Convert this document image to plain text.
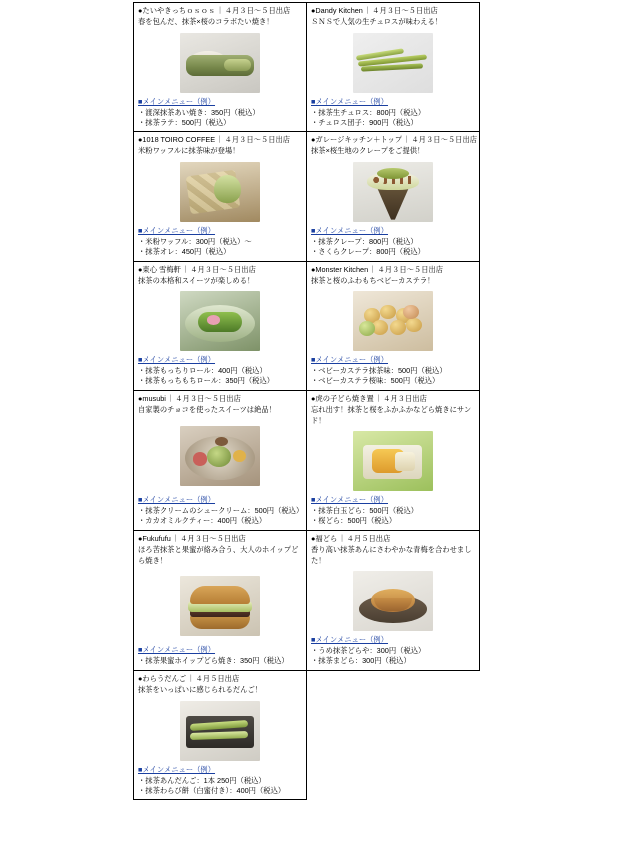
●たいやきっちｏｓｏｓ｜４月３日～５日出店
春を包んだ、抹茶×桜のコラボたい焼き！
■メインメニュー（例）
・渡深抹茶あい焼き：350円（税込）
・抹茶ラテ：500円（税込）
●Dandy Kitchen｜４月３日～５日出店
ＳＮＳで人気の生チュロスが味わえる！
■メインメニュー（例）
・抹茶生チュロス：800円（税込）
・チュロス団子：900円（税込）
●1018 TOIRO COFFEE｜４月３日～５日出店
米粉ワッフルに抹茶味が登場！
■メインメニュー（例）
・米粉ワッフル：300円（税込）～
・抹茶オレ：450円（税込）
●ガレージキッチン＋トップ｜４月３日～５日出店
抹茶×桜生地のクレープをご提供！
■メインメニュー（例）
・抹茶クレープ：800円（税込）
・さくらクレープ：800円（税込）
●東心 雪梅軒｜４月３日～５日出店
抹茶の本格和スイーツが楽しめる！
■メインメニュー（例）
・抹茶もっちりロール：400円（税込）
・抹茶もっちもちロール：350円（税込）
●Monster Kitchen｜４月３日～５日出店
抹茶と桜のふわもちベビーカステラ！
■メインメニュー（例）
・ベビーカステラ抹茶味：500円（税込）
・ベビーカステラ桜味：500円（税込）
●musubi｜４月３日～５日出店
自家製のチョコを使ったスイーツは絶品！
■メインメニュー（例）
・抹茶クリームのシュークリーム：500円（税込）
・カカオミルクティー：400円（税込）
●虎の子どら焼き置｜４月３日出店
忘れ出す！抹茶と桜をふかふかなどら焼きにサンド！
■メインメニュー（例）
・抹茶白玉どら：500円（税込）
・桜どら：500円（税込）
●Fukufufu｜４月３日～５日出店
ほろ苦抹茶と果蜜が絡み合う、大人のホイップどら焼き！
■メインメニュー（例）
・抹茶果蜜ホイップどら焼き：350円（税込）
●福どら｜４月５日出店
香り高い抹茶あんにさわやかな青梅を合わせました！
■メインメニュー（例）
・うめ抹茶どらや：300円（税込）
・抹茶まどら：300円（税込）
●わらうだんご｜４月５日出店
抹茶をいっぱいに感じられるだんご！
■メインメニュー（例）
・抹茶あんだんご：1本 250円（税込）
・抹茶わらび餅（白蜜付き）：400円（税込）
